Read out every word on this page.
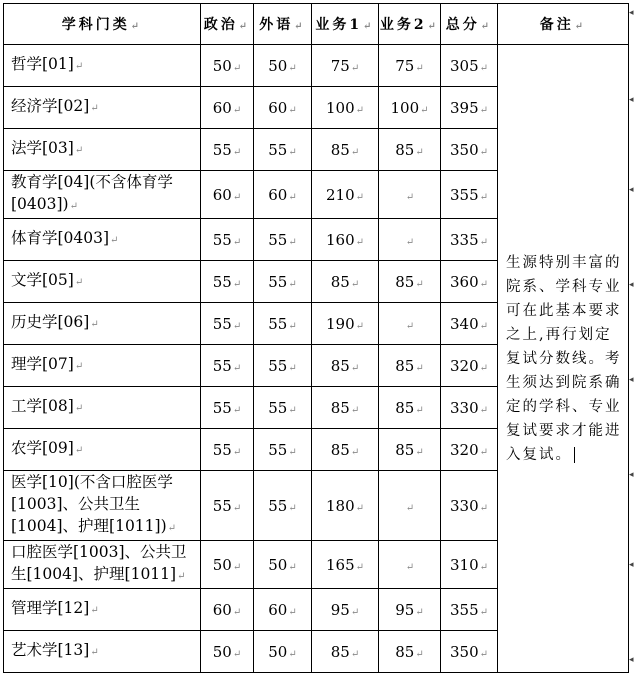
学科门类↵	政治↵	外语↵	业务1↵	业务2↵	总分↵	备注↵
哲学[01]↵	50↵	50↵	75↵	75↵	305↵	生源特别丰富的院系、学科专业可在此基本要求之上,再行划定复试分数线。考生须达到院系确定的学科、专业复试要求才能进入复试。
经济学[02]↵	60↵	60↵	100↵	100↵	395↵	
法学[03]↵	55↵	55↵	85↵	85↵	350↵	
教育学[04](不含体育学[0403])↵	60↵	60↵	210↵	↵	355↵	
体育学[0403]↵	55↵	55↵	160↵	↵	335↵	
文学[05]↵	55↵	55↵	85↵	85↵	360↵	
历史学[06]↵	55↵	55↵	190↵	↵	340↵	
理学[07]↵	55↵	55↵	85↵	85↵	320↵	
工学[08]↵	55↵	55↵	85↵	85↵	330↵	
农学[09]↵	55↵	55↵	85↵	85↵	320↵	
医学[10](不含口腔医学[1003]、公共卫生[1004]、护理[1011])↵	55↵	55↵	180↵	↵	330↵	
口腔医学[1003]、公共卫生[1004]、护理[1011]↵	50↵	50↵	165↵	↵	310↵	
管理学[12]↵	60↵	60↵	95↵	95↵	355↵	
艺术学[13]↵	50↵	50↵	85↵	85↵	350↵	
◂
◂
◂
◂
◂
◂
◂
◂
